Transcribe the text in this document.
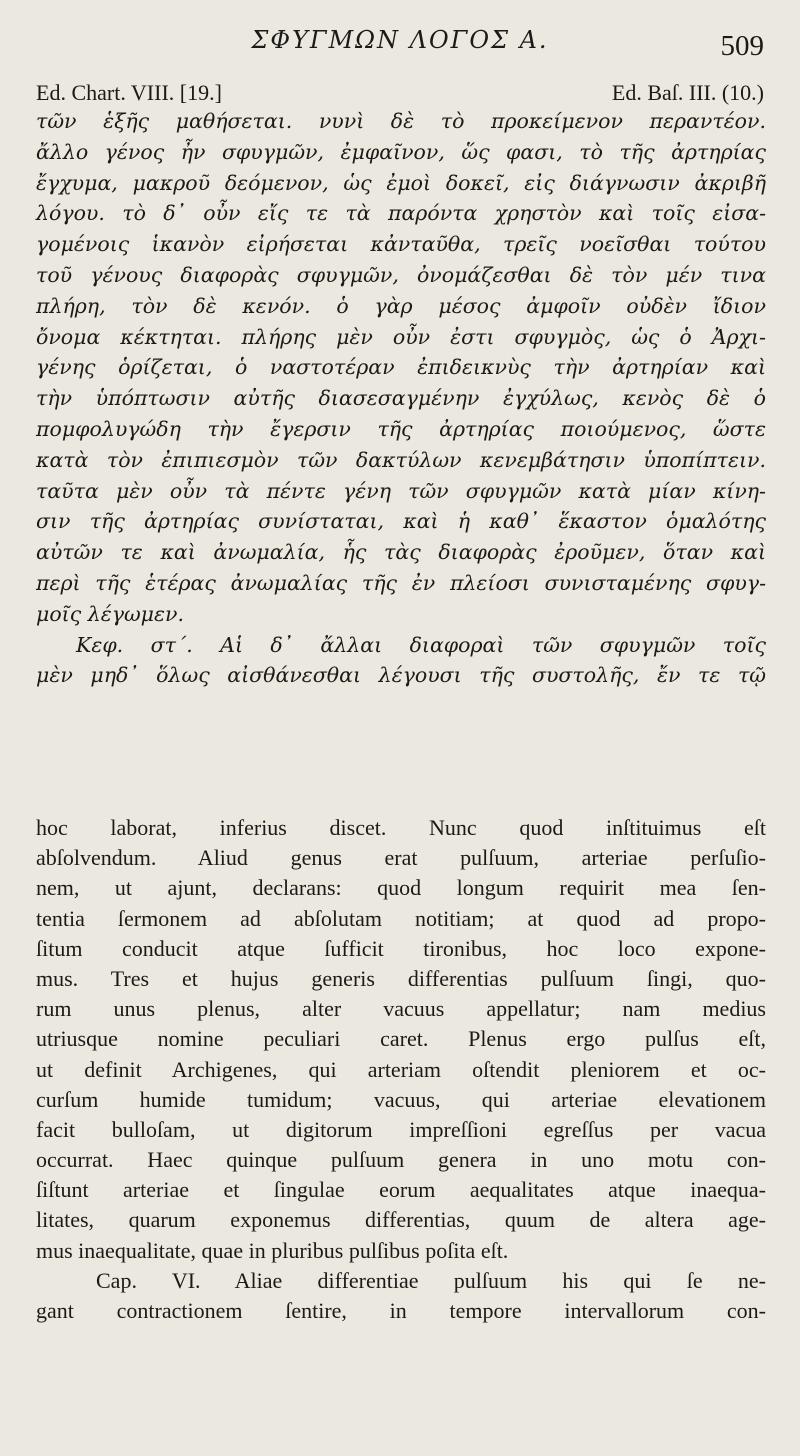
ΣΦΥΓΜΩΝ ΛΟΓΟΣ Α.	509
Ed. Chart. VIII. [19.]	Ed. Baſ. III. (10.)
τῶν ἑξῆς μαθήσεται. νυνὶ δὲ τὸ προκείμενον περαντέον.
ἄλλο γένος ἦν σφυγμῶν, ἐμφαῖνον, ὥς φασι, τὸ τῆς ἀρτηρίας
ἔγχυμα, μακροῦ δεόμενον, ὡς ἐμοὶ δοκεῖ, εἰς διάγνωσιν ἀκριβῆ
λόγου. τὸ δ᾽ οὖν εἴς τε τὰ παρόντα χρηστὸν καὶ τοῖς εἰσα-
γομένοις ἱκανὸν εἰρήσεται κἀνταῦθα, τρεῖς νοεῖσθαι τούτου
τοῦ γένους διαφορὰς σφυγμῶν, ὀνομάζεσθαι δὲ τὸν μέν τινα
πλήρη, τὸν δὲ κενόν. ὁ γὰρ μέσος ἀμφοῖν οὐδὲν ἴδιον
ὄνομα κέκτηται. πλήρης μὲν οὖν ἐστι σφυγμὸς, ὡς ὁ Ἀρχι-
γένης ὁρίζεται, ὁ ναστοτέραν ἐπιδεικνὺς τὴν ἀρτηρίαν καὶ
τὴν ὑπόπτωσιν αὐτῆς διασεσαγμένην ἐγχύλως, κενὸς δὲ ὁ
πομφολυγώδη τὴν ἔγερσιν τῆς ἀρτηρίας ποιούμενος, ὥστε
κατὰ τὸν ἐπιπιεσμὸν τῶν δακτύλων κενεμβάτησιν ὑποπίπτειν.
ταῦτα μὲν οὖν τὰ πέντε γένη τῶν σφυγμῶν κατὰ μίαν κίνη-
σιν τῆς ἀρτηρίας συνίσταται, καὶ ἡ καθ᾽ ἕκαστον ὁμαλότης
αὐτῶν τε καὶ ἀνωμαλία, ἧς τὰς διαφορὰς ἐροῦμεν, ὅταν καὶ
περὶ τῆς ἑτέρας ἀνωμαλίας τῆς ἐν πλείοσι συνισταμένης σφυγ-
μοῖς λέγωμεν.
Κεφ. στ΄. Αἱ δ᾽ ἄλλαι διαφοραὶ τῶν σφυγμῶν τοῖς
μὲν μηδ᾽ ὅλως αἰσθάνεσθαι λέγουσι τῆς συστολῆς, ἔν τε τῷ
hoc laborat, inferius discet. Nunc quod inſtituimus eſt
abſolvendum. Aliud genus erat pulſuum, arteriae perſuſio-
nem, ut ajunt, declarans: quod longum requirit mea ſen-
tentia ſermonem ad abſolutam notitiam; at quod ad propo-
ſitum conducit atque ſufficit tironibus, hoc loco expone-
mus. Tres et hujus generis differentias pulſuum ſingi, quo-
rum unus plenus, alter vacuus appellatur; nam medius
utriusque nomine peculiari caret. Plenus ergo pulſus eſt,
ut definit Archigenes, qui arteriam oſtendit pleniorem et oc-
curſum humide tumidum; vacuus, qui arteriae elevationem
facit bulloſam, ut digitorum impreſſioni egreſſus per vacua
occurrat. Haec quinque pulſuum genera in uno motu con-
ſiſtunt arteriae et ſingulae eorum aequalitates atque inaequa-
litates, quarum exponemus differentias, quum de altera age-
mus inaequalitate, quae in pluribus pulſibus poſita eſt.
Cap. VI. Aliae differentiae pulſuum his qui ſe ne-
gant contractionem ſentire, in tempore intervallorum con-
